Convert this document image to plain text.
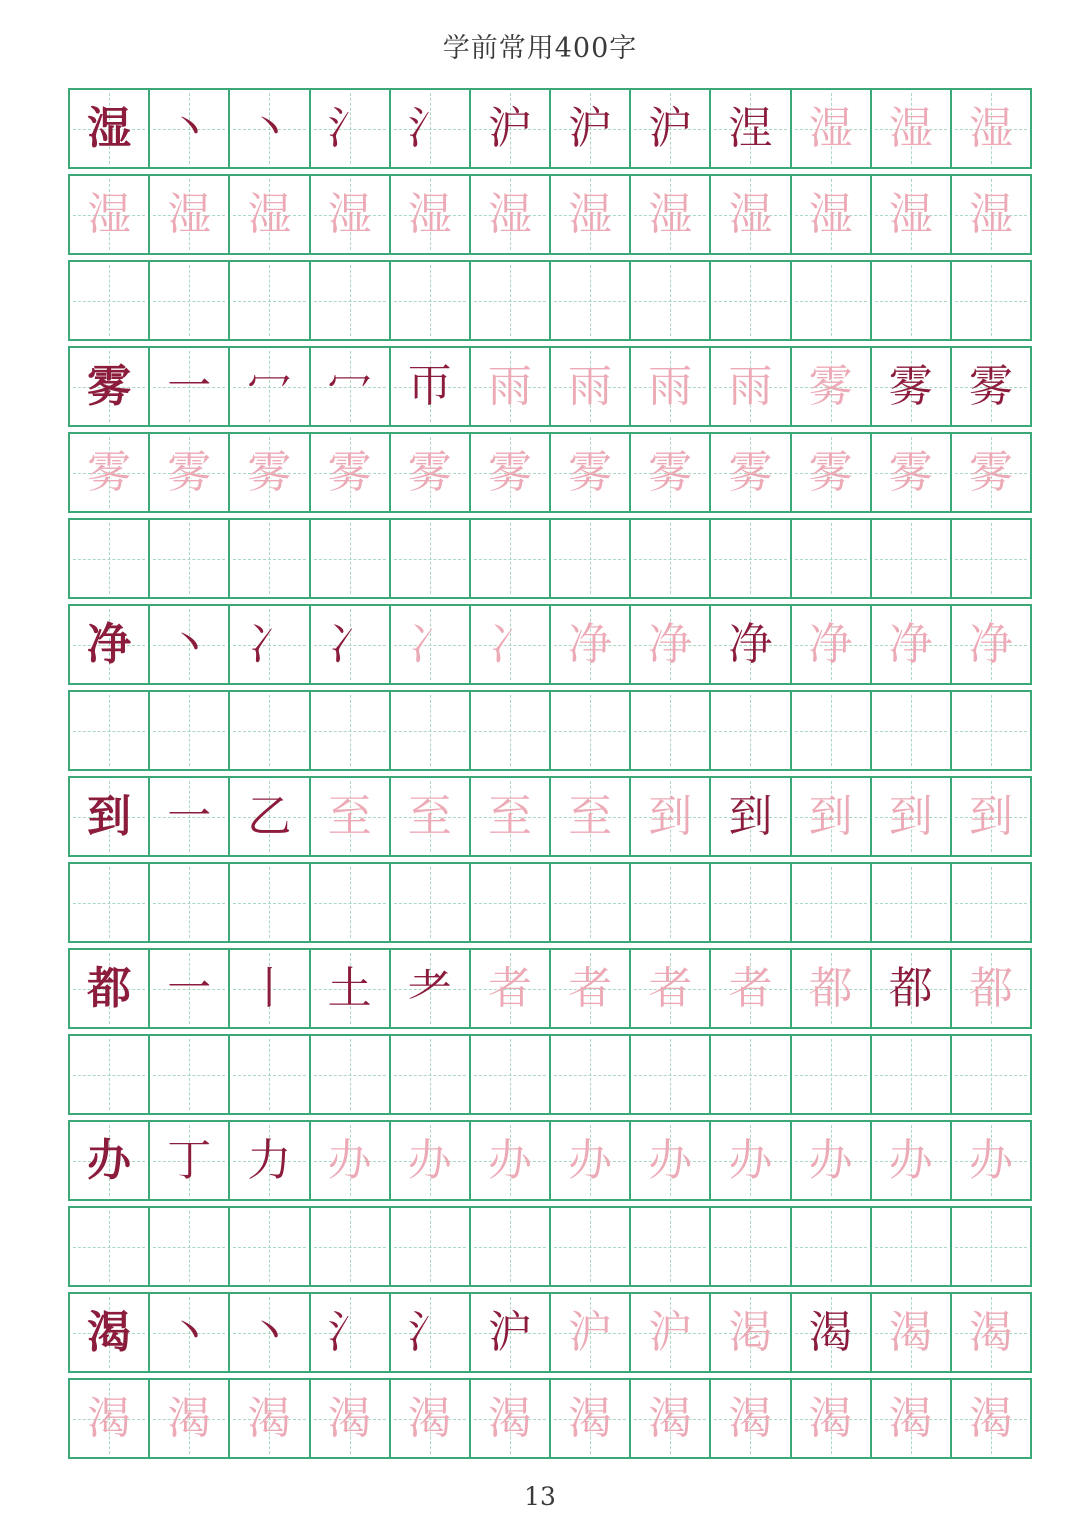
学前常用400字
湿 丶 丶 氵 氵 沪 沪 沪 涅 湿 湿 湿
湿 湿 湿 湿 湿 湿 湿 湿 湿 湿 湿 湿
雾 一 冖 冖 帀 雨 雨 雨 雨 雾 雾 雾
雾 雾 雾 雾 雾 雾 雾 雾 雾 雾 雾 雾
净 丶 冫 冫 冫 冫 净 净 净 净 净 净
到 一 乙 至 至 至 至 到 到 到 到 到
都 一 丨 土 耂 者 者 者 者 都 都 都
办 丁 力 办 办 办 办 办 办 办 办 办
渴 丶 丶 氵 氵 沪 沪 沪 渇 渴 渴 渴
渴 渴 渴 渴 渴 渴 渴 渴 渴 渴 渴 渴
13
